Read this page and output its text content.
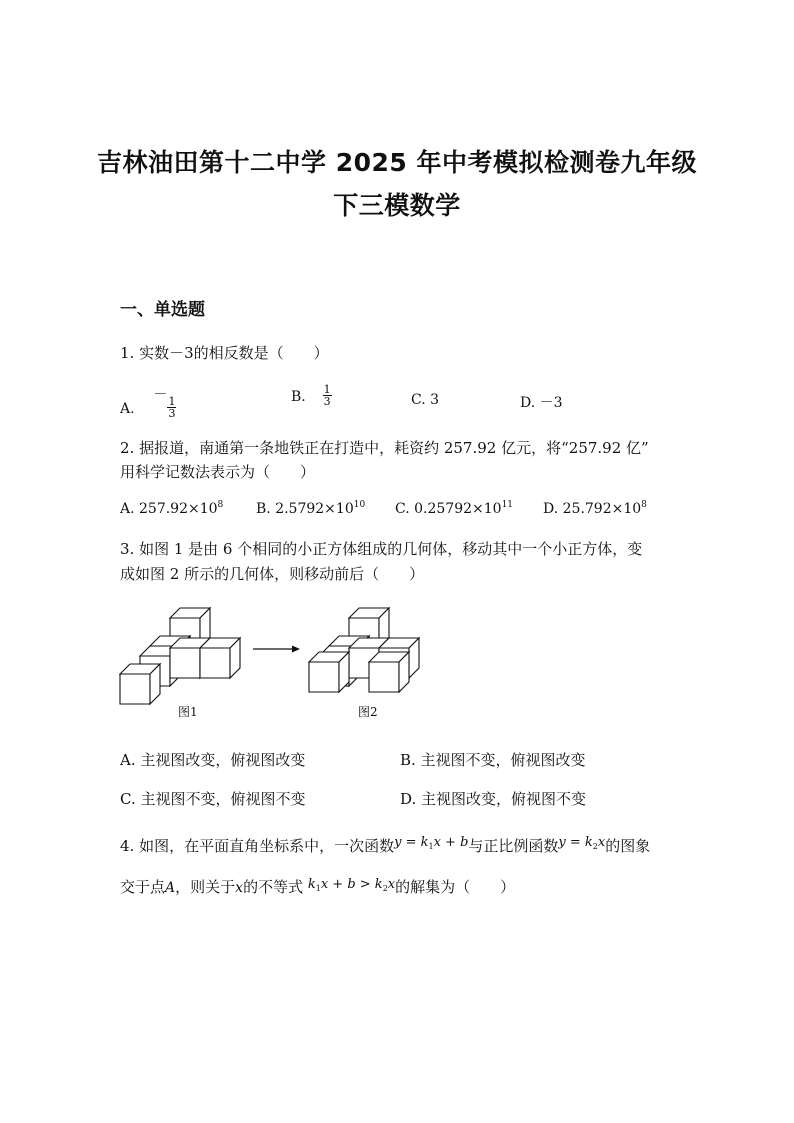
吉林油田第十二中学 2025 年中考模拟检测卷九年级
下三模数学
一、单选题
1. 实数－3的相反数是（　　）
A.  －
$\frac{1}{3}$	B. $\frac{1}{3}$	C. 3	D. －3
2. 据报道，南通第一条地铁正在打造中，耗资约 257.92 亿元，将“257.92 亿”
用科学记数法表示为（　　）
A. $257.92\times 10^8$ B. $2.5792\times 10^{10}$ C. $0.25792\times 10^{11}$ D. $25.792\times 10^8$
3. 如图 1 是由 6 个相同的小正方体组成的几何体，移动其中一个小正方体，变
成如图 2 所示的几何体，则移动前后（　　）
图1	图2
A. 主视图改变，俯视图改变	B. 主视图不变，俯视图改变
C. 主视图不变，俯视图不变	D. 主视图改变，俯视图不变
4. 如图，在平面直角坐标系中，一次函数$y = k_1x + b$与正比例函数$y = k_2x$的图象
交于点A，则关于x的不等式 $k_1x + b > k_2x$的解集为（　　）
